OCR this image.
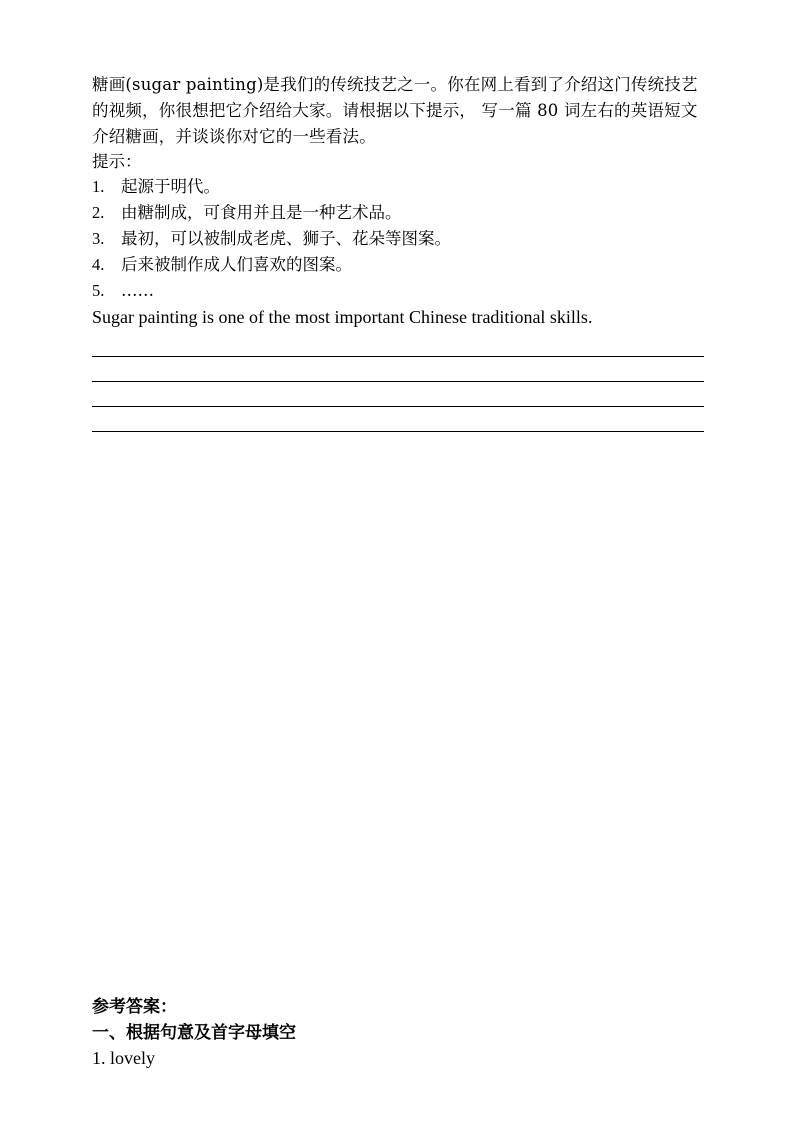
糖画(sugar painting)是我们的传统技艺之一。你在网上看到了介绍这门传统技艺的视频，你很想把它介绍给大家。请根据以下提示， 写一篇 80 词左右的英语短文介绍糖画，并谈谈你对它的一些看法。

提示：

1. 起源于明代。
2. 由糖制成，可食用并且是一种艺术品。
3. 最初，可以被制成老虎、狮子、花朵等图案。
4. 后来被制作成人们喜欢的图案。
5. ……

Sugar painting is one of the most important Chinese traditional skills.

参考答案：

一、根据句意及首字母填空

1. lovely
